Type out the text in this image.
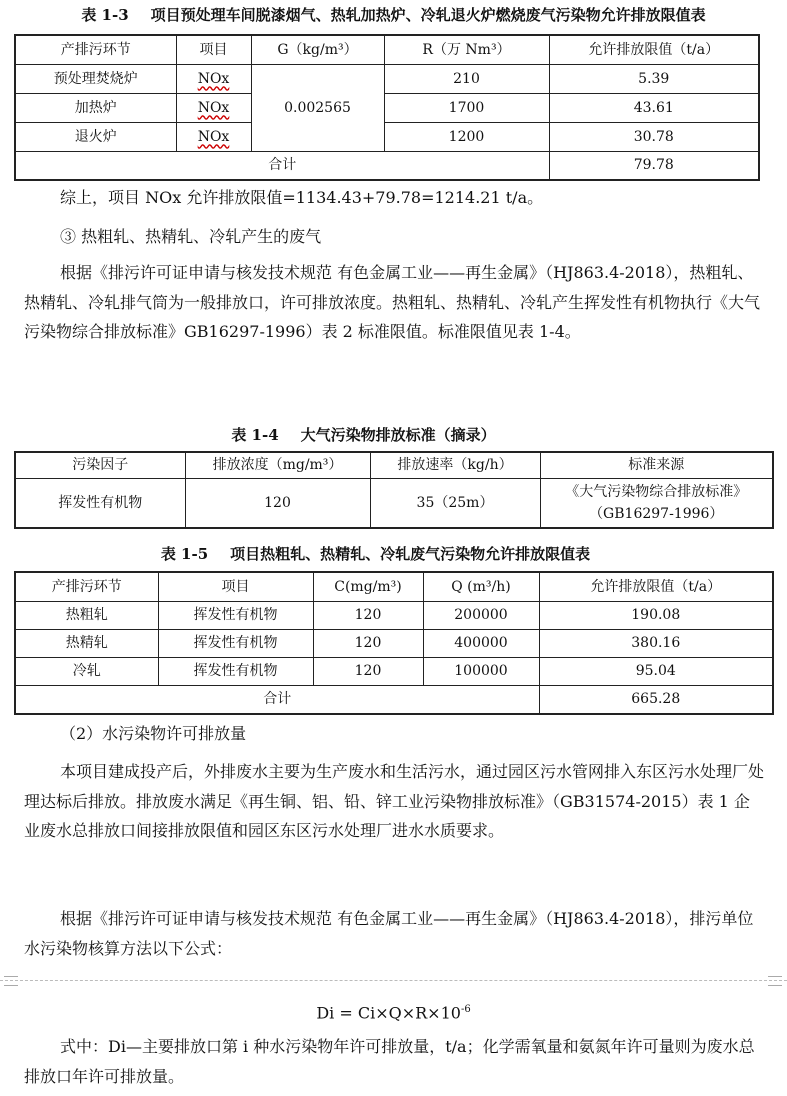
表 1-3 项目预处理车间脱漆烟气、热轧加热炉、冷轧退火炉燃烧废气污染物允许排放限值表
产排污环节	项目	G（kg/m³）	R（万 Nm³）	允许排放限值（t/a）
预处理焚烧炉	NOx	0.002565	210	5.39
加热炉	NOx		1700	43.61
退火炉	NOx		1200	30.78
合计				79.78
综上，项目 NOx 允许排放限值=1134.43+79.78=1214.21 t/a。
③ 热粗轧、热精轧、冷轧产生的废气

根据《排污许可证申请与核发技术规范 有色金属工业——再生金属》（HJ863.4-2018），热粗轧、热精轧、冷轧排气筒为一般排放口，许可排放浓度。热粗轧、热精轧、冷轧产生挥发性有机物执行《大气污染物综合排放标准》GB16297-1996）表 2 标准限值。标准限值见表 1-4。

表 1-4 大气污染物排放标准（摘录）
污染因子	排放浓度（mg/m³）	排放速率（kg/h）	标准来源
挥发性有机物	120	35（25m）	《大气污染物综合排放标准》（GB16297-1996）
表 1-5 项目热粗轧、热精轧、冷轧废气污染物允许排放限值表
产排污环节	项目	C(mg/m³)	Q (m³/h)	允许排放限值（t/a）
热粗轧	挥发性有机物	120	200000	190.08
热精轧	挥发性有机物	120	400000	380.16
冷轧	挥发性有机物	120	100000	95.04
合计				665.28
（2）水污染物许可排放量

本项目建成投产后，外排废水主要为生产废水和生活污水，通过园区污水管网排入东区污水处理厂处理达标后排放。排放废水满足《再生铜、铝、铅、锌工业污染物排放标准》（GB31574-2015）表 1 企业废水总排放口间接排放限值和园区东区污水处理厂进水水质要求。

根据《排污许可证申请与核发技术规范 有色金属工业——再生金属》（HJ863.4-2018），排污单位水污染物核算方法以下公式：

$Di = Ci\times Q\times R\times 10^{-6}$

式中：Di—主要排放口第 i 种水污染物年许可排放量，t/a；化学需氧量和氨氮年许可量则为废水总排放口年许可排放量。
